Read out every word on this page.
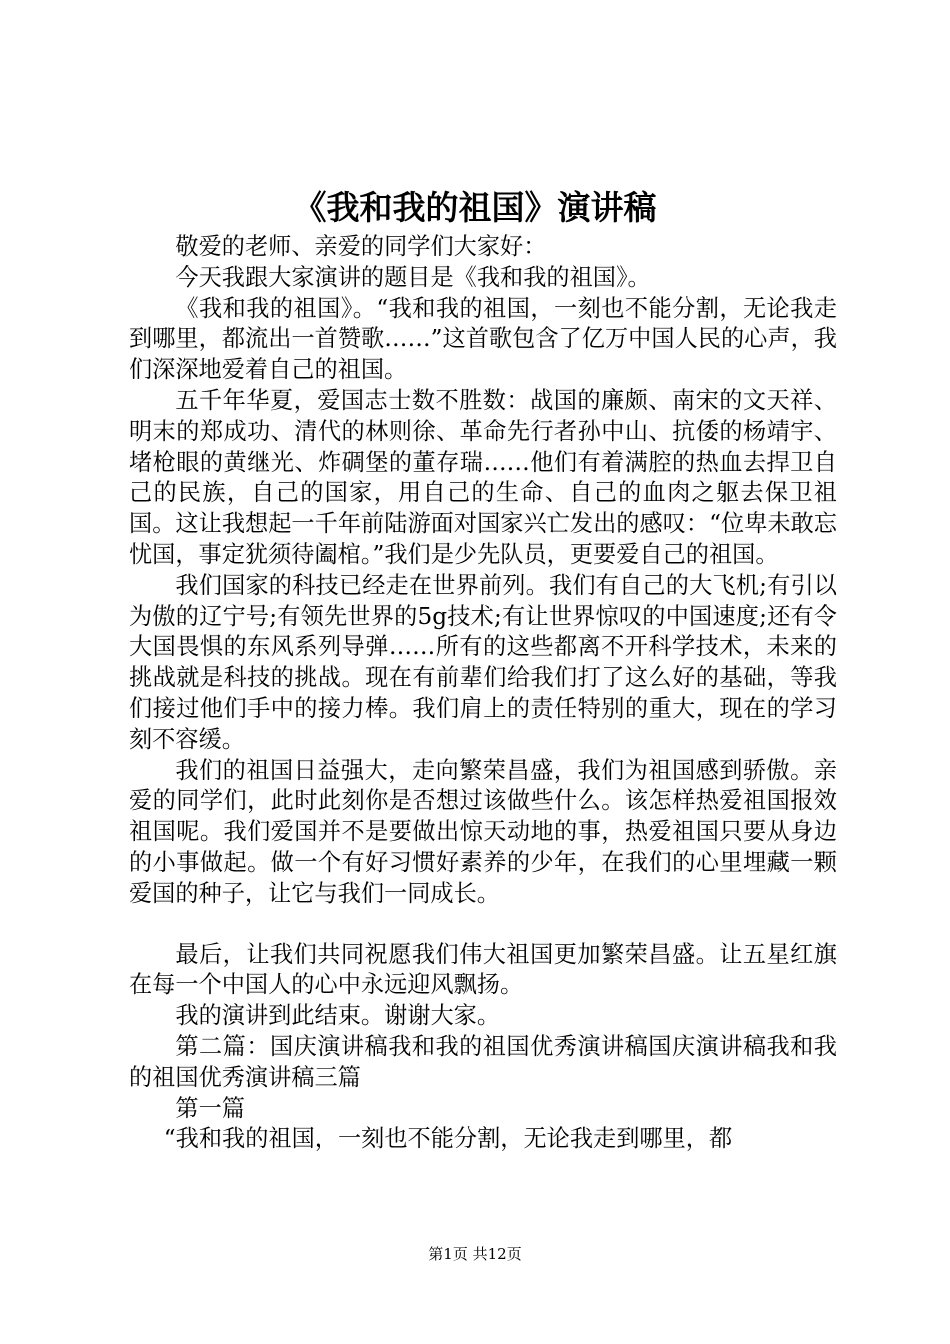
《我和我的祖国》演讲稿

敬爱的老师、亲爱的同学们大家好：

今天我跟大家演讲的题目是《我和我的祖国》。

《我和我的祖国》。“我和我的祖国，一刻也不能分割，无论我走到哪里，都流出一首赞歌……”这首歌包含了亿万中国人民的心声，我们深深地爱着自己的祖国。

五千年华夏，爱国志士数不胜数：战国的廉颇、南宋的文天祥、明末的郑成功、清代的林则徐、革命先行者孙中山、抗倭的杨靖宇、堵枪眼的黄继光、炸碉堡的董存瑞……他们有着满腔的热血去捍卫自己的民族，自己的国家，用自己的生命、自己的血肉之躯去保卫祖国。这让我想起一千年前陆游面对国家兴亡发出的感叹：“位卑未敢忘忧国，事定犹须待阖棺。”我们是少先队员，更要爱自己的祖国。

我们国家的科技已经走在世界前列。我们有自己的大飞机;有引以为傲的辽宁号;有领先世界的5g技术;有让世界惊叹的中国速度;还有令大国畏惧的东风系列导弹……所有的这些都离不开科学技术，未来的挑战就是科技的挑战。现在有前辈们给我们打了这么好的基础，等我们接过他们手中的接力棒。我们肩上的责任特别的重大，现在的学习刻不容缓。

我们的祖国日益强大，走向繁荣昌盛，我们为祖国感到骄傲。亲爱的同学们，此时此刻你是否想过该做些什么。该怎样热爱祖国报效祖国呢。我们爱国并不是要做出惊天动地的事，热爱祖国只要从身边的小事做起。做一个有好习惯好素养的少年，在我们的心里埋藏一颗爱国的种子，让它与我们一同成长。

最后，让我们共同祝愿我们伟大祖国更加繁荣昌盛。让五星红旗在每一个中国人的心中永远迎风飘扬。

我的演讲到此结束。谢谢大家。

第二篇：国庆演讲稿我和我的祖国优秀演讲稿国庆演讲稿我和我的祖国优秀演讲稿三篇

第一篇

“我和我的祖国，一刻也不能分割，无论我走到哪里，都

第1页 共12页
